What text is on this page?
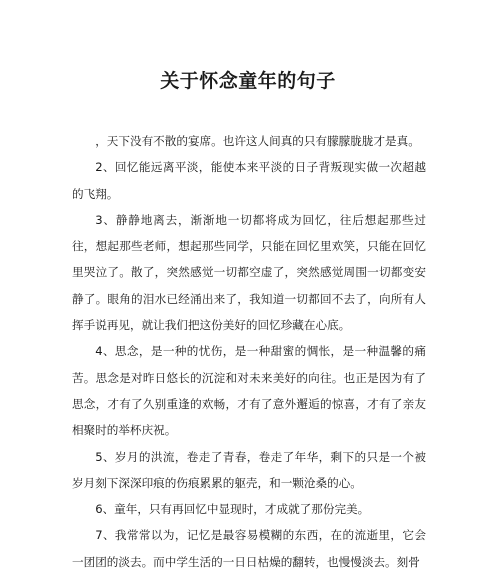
关于怀念童年的句子

，天下没有不散的宴席。也许这人间真的只有朦朦胧胧才是真。

2、回忆能远离平淡，能使本来平淡的日子背叛现实做一次超越的飞翔。

3、静静地离去，渐渐地一切都将成为回忆，往后想起那些过往，想起那些老师，想起那些同学，只能在回忆里欢笑，只能在回忆里哭泣了。散了，突然感觉一切都空虚了，突然感觉周围一切都变安静了。眼角的泪水已经涌出来了，我知道一切都回不去了，向所有人挥手说再见，就让我们把这份美好的回忆珍藏在心底。

4、思念，是一种的忧伤，是一种甜蜜的惆怅，是一种温馨的痛苦。思念是对昨日悠长的沉淀和对未来美好的向往。也正是因为有了思念，才有了久别重逢的欢畅，才有了意外邂逅的惊喜，才有了亲友相聚时的举杯庆祝。

5、岁月的洪流，卷走了青春，卷走了年华，剩下的只是一个被岁月刻下深深印痕的伤痕累累的躯壳，和一颗沧桑的心。

6、童年，只有再回忆中显现时，才成就了那份完美。

7、我常常以为，记忆是最容易模糊的东西，在的流逝里，它会一团团的淡去。而中学生活的一日日枯燥的翻转，也慢慢淡去。刻骨
